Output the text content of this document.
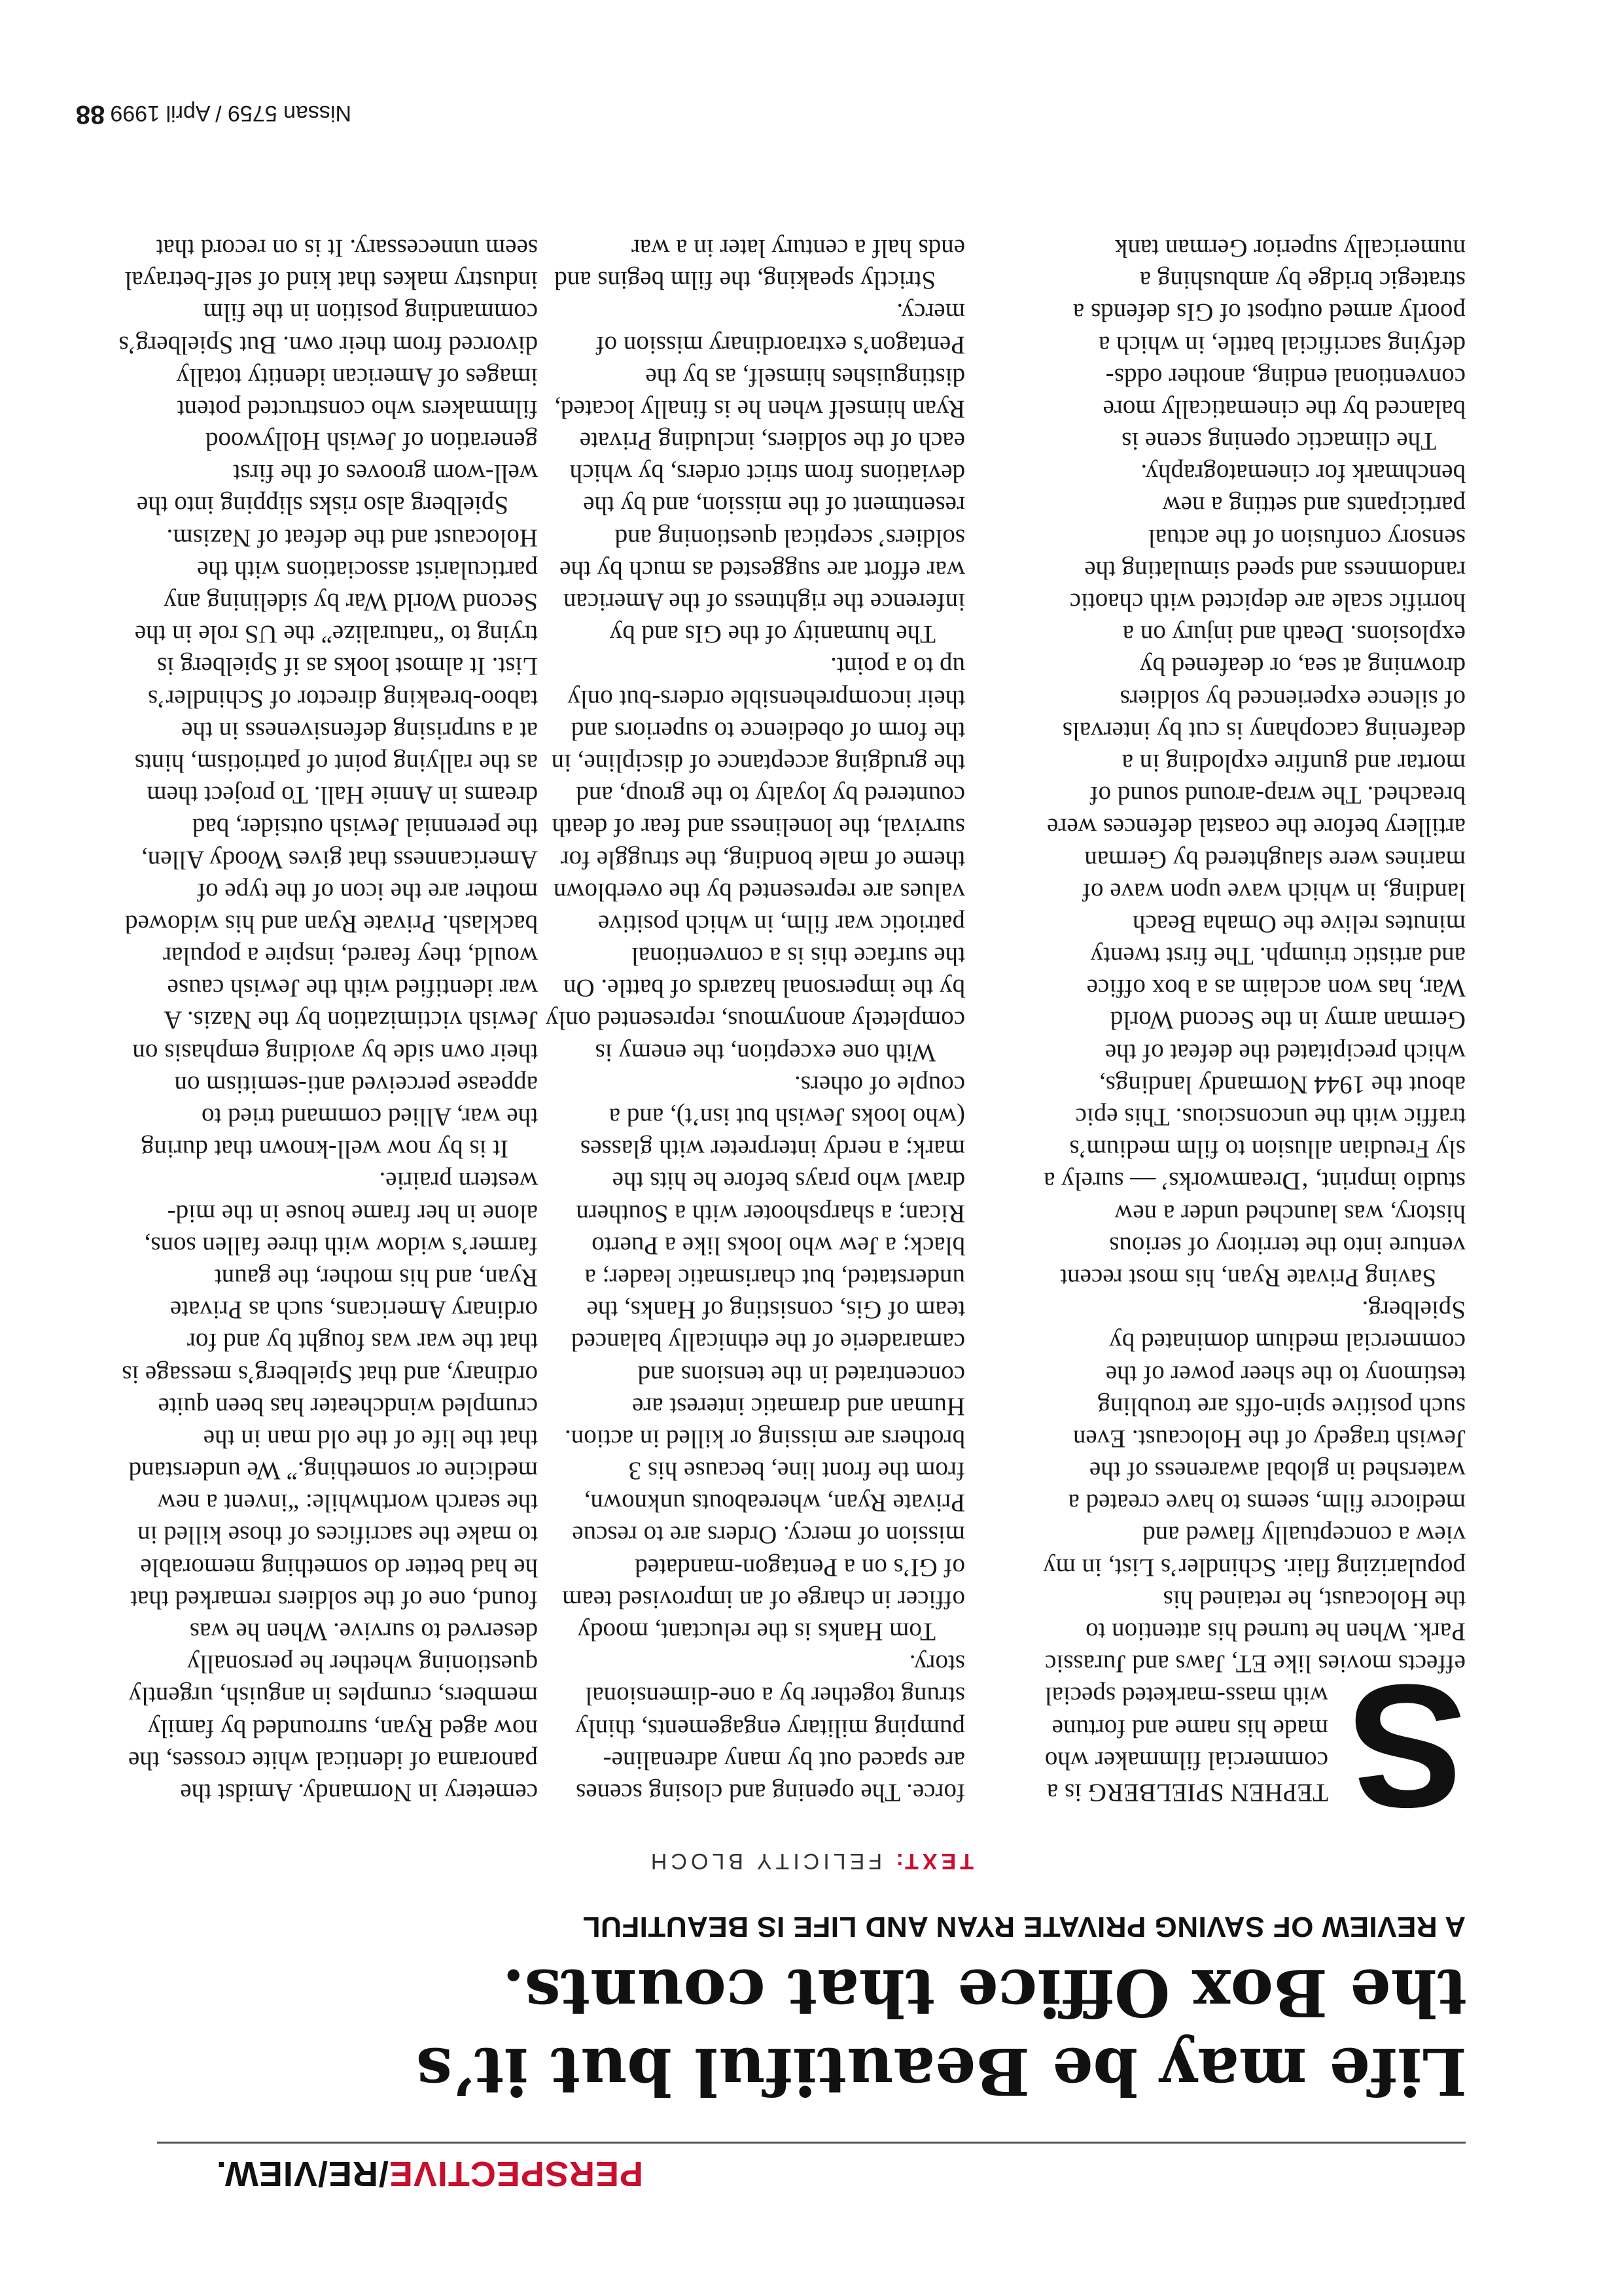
PERSPECTIVE/RE/VIEW.
Life may be Beautiful but it’s the Box Office that counts.
A REVIEW OF SAVING PRIVATE RYAN AND LIFE IS BEAUTIFUL
TEXT: FELICITY BLOCH
S
TEPHEN SPIELBERG is a
commercial filmmaker who
made his name and fortune
with mass-marketed special
effects movies like ET, Jaws and Jurassic
Park. When he turned his attention to
the Holocaust, he retained his
popularizing flair. Schindler’s List, in my
view a conceptually flawed and
mediocre film, seems to have created a
watershed in global awareness of the
Jewish tragedy of the Holocaust. Even
such positive spin-offs are troubling
testimony to the sheer power of the
commercial medium dominated by
Spielberg.
Saving Private Ryan, his most recent
venture into the territory of serious
history, was launched under a new
studio imprint, ‘Dreamworks’ — surely a
sly Freudian allusion to film medium’s
traffic with the unconscious. This epic
about the 1944 Normandy landings,
which precipitated the defeat of the
German army in the Second World
War, has won acclaim as a box office
and artistic triumph. The first twenty
minutes relive the Omaha Beach
landing, in which wave upon wave of
marines were slaughtered by German
artillery before the coastal defences were
breached. The wrap-around sound of
mortar and gunfire exploding in a
deafening cacophany is cut by intervals
of silence experienced by soldiers
drowning at sea, or deafened by
explosions. Death and injury on a
horrific scale are depicted with chaotic
randomness and speed simulating the
sensory confusion of the actual
participants and setting a new
benchmark for cinematography.
The climactic opening scene is
balanced by the cinematically more
conventional ending, another odds-
defying sacrificial battle, in which a
poorly armed outpost of GIs defends a
strategic bridge by ambushing a
numerically superior German tank
force. The opening and closing scenes
are spaced out by many adrenaline-
pumping military engagements, thinly
strung together by a one-dimensional
story.
Tom Hanks is the reluctant, moody
officer in charge of an improvised team
of GI’s on a Pentagon-mandated
mission of mercy. Orders are to rescue
Private Ryan, whereabouts unknown,
from the front line, because his 3
brothers are missing or killed in action.
Human and dramatic interest are
concentrated in the tensions and
camaraderie of the ethnically balanced
team of Gis, consisting of Hanks, the
understated, but charismatic leader; a
black; a Jew who looks like a Puerto
Rican; a sharpshooter with a Southern
drawl who prays before he hits the
mark; a nerdy interpreter with glasses
(who looks Jewish but isn’t), and a
couple of others.
With one exception, the enemy is
completely anonymous, represented only
by the impersonal hazards of battle. On
the surface this is a conventional
patriotic war film, in which positive
values are represented by the overblown
theme of male bonding, the struggle for
survival, the loneliness and fear of death
countered by loyalty to the group, and
the grudging acceptance of discipline, in
the form of obedience to superiors and
their incomprehensible orders-but only
up to a point.
The humanity of the GIs and by
inference the rightness of the American
war effort are suggested as much by the
soldiers’ sceptical questioning and
resentment of the mission, and by the
deviations from strict orders, by which
each of the soldiers, including Private
Ryan himself when he is finally located,
distinguishes himself, as by the
Pentagon’s extraordinary mission of
mercy.
Strictly speaking, the film begins and
ends half a century later in a war
cemetery in Normandy. Amidst the
panorama of identical white crosses, the
now aged Ryan, surrounded by family
members, crumples in anguish, urgently
questioning whether he personally
deserved to survive. When he was
found, one of the soldiers remarked that
he had better do something memorable
to make the sacrifices of those killed in
the search worthwhile: “invent a new
medicine or something.” We understand
that the life of the old man in the
crumpled windcheater has been quite
ordinary, and that Spielberg’s message is
that the war was fought by and for
ordinary Americans, such as Private
Ryan, and his mother, the gaunt
farmer’s widow with three fallen sons,
alone in her frame house in the mid-
western prairie.
It is by now well-known that during
the war, Allied command tried to
appease perceived anti-semitism on
their own side by avoiding emphasis on
Jewish victimization by the Nazis. A
war identified with the Jewish cause
would, they feared, inspire a popular
backlash. Private Ryan and his widowed
mother are the icon of the type of
Americanness that gives Woody Allen,
the perennial Jewish outsider, bad
dreams in Annie Hall. To project them
as the rallying point of patriotism, hints
at a surprising defensiveness in the
taboo-breaking director of Schindler’s
List. It almost looks as if Spielberg is
trying to “naturalize” the US role in the
Second World War by sidelining any
particularist associations with the
Holocaust and the defeat of Nazism.
Spielberg also risks slipping into the
well-worn grooves of the first
generation of Jewish Hollywood
filmmakers who constructed potent
images of American identity totally
divorced from their own. But Spielberg’s
commanding position in the film
industry makes that kind of self-betrayal
seem unnecessary. It is on record that
Nissan 5759 / April 199988
